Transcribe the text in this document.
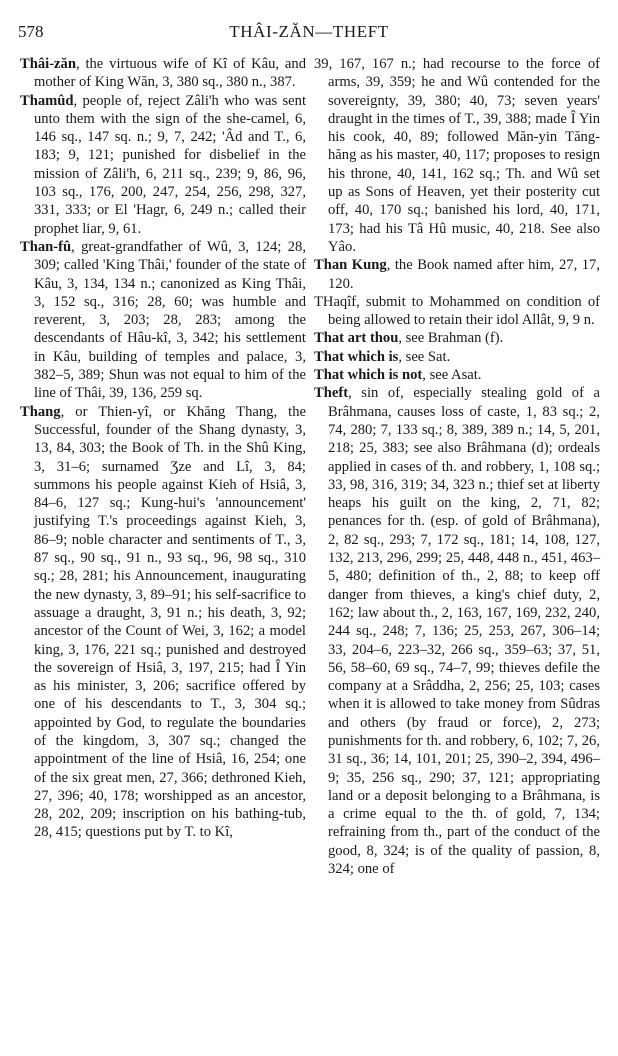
578	THÂI-ZĂN—THEFT

Thâi-zăn, the virtuous wife of Kî of Kâu, and mother of King Wăn, 3, 380 sq., 380 n., 387.

Thamûd, people of, reject Zâli'h who was sent unto them with the sign of the she-camel, 6, 146 sq., 147 sq. n.; 9, 7, 242; 'Âd and T., 6, 183; 9, 121; punished for disbelief in the mission of Zâli'h, 6, 211 sq., 239; 9, 86, 96, 103 sq., 176, 200, 247, 254, 256, 298, 327, 331, 333; or El 'Hagr, 6, 249 n.; called their prophet liar, 9, 61.

Than-fû, great-grandfather of Wû, 3, 124; 28, 309; called 'King Thâi,' founder of the state of Kâu, 3, 134, 134 n.; canonized as King Thâi, 3, 152 sq., 316; 28, 60; was humble and reverent, 3, 203; 28, 283; among the descendants of Hâu-kî, 3, 342; his settlement in Kâu, building of temples and palace, 3, 382–5, 389; Shun was not equal to him of the line of Thâi, 39, 136, 259 sq.

Thang, or Thien-yî, or Khăng Thang, the Successful, founder of the Shang dynasty, 3, 13, 84, 303; the Book of Th. in the Shû King, 3, 31–6; surnamed Ʒze and Lî, 3, 84; summons his people against Kieh of Hsiâ, 3, 84–6, 127 sq.; Kung-hui's 'announcement' justifying T.'s proceedings against Kieh, 3, 86–9; noble character and sentiments of T., 3, 87 sq., 90 sq., 91 n., 93 sq., 96, 98 sq., 310 sq.; 28, 281; his Announcement, inaugurating the new dynasty, 3, 89–91; his self-sacrifice to assuage a draught, 3, 91 n.; his death, 3, 92; ancestor of the Count of Wei, 3, 162; a model king, 3, 176, 221 sq.; punished and destroyed the sovereign of Hsiâ, 3, 197, 215; had Î Yin as his minister, 3, 206; sacrifice offered by one of his descendants to T., 3, 304 sq.; appointed by God, to regulate the boundaries of the kingdom, 3, 307 sq.; changed the appointment of the line of Hsiâ, 16, 254; one of the six great men, 27, 366; dethroned Kieh, 27, 396; 40, 178; worshipped as an ancestor, 28, 202, 209; inscription on his bathing-tub, 28, 415; questions put by T. to Kî,

39, 167, 167 n.; had recourse to the force of arms, 39, 359; he and Wû contended for the sovereignty, 39, 380; 40, 73; seven years' draught in the times of T., 39, 388; made Î Yin his cook, 40, 89; followed Măn-yin Tăng-hăng as his master, 40, 117; proposes to resign his throne, 40, 141, 162 sq.; Th. and Wû set up as Sons of Heaven, yet their posterity cut off, 40, 170 sq.; banished his lord, 40, 171, 173; had his Tâ Hû music, 40, 218. See also Yâo.

Than Kung, the Book named after him, 27, 17, 120.

THaqîf, submit to Mohammed on condition of being allowed to retain their idol Allât, 9, 9 n.

That art thou, see Brahman (f).

That which is, see Sat.

That which is not, see Asat.

Theft, sin of, especially stealing gold of a Brâhmana, causes loss of caste, 1, 83 sq.; 2, 74, 280; 7, 133 sq.; 8, 389, 389 n.; 14, 5, 201, 218; 25, 383; see also Brâhmana (d); ordeals applied in cases of th. and robbery, 1, 108 sq.; 33, 98, 316, 319; 34, 323 n.; thief set at liberty heaps his guilt on the king, 2, 71, 82; penances for th. (esp. of gold of Brâhmana), 2, 82 sq., 293; 7, 172 sq., 181; 14, 108, 127, 132, 213, 296, 299; 25, 448, 448 n., 451, 463–5, 480; definition of th., 2, 88; to keep off danger from thieves, a king's chief duty, 2, 162; law about th., 2, 163, 167, 169, 232, 240, 244 sq., 248; 7, 136; 25, 253, 267, 306–14; 33, 204–6, 223–32, 266 sq., 359–63; 37, 51, 56, 58–60, 69 sq., 74–7, 99; thieves defile the company at a Srâddha, 2, 256; 25, 103; cases when it is allowed to take money from Sûdras and others (by fraud or force), 2, 273; punishments for th. and robbery, 6, 102; 7, 26, 31 sq., 36; 14, 101, 201; 25, 390–2, 394, 496–9; 35, 256 sq., 290; 37, 121; appropriating land or a deposit belonging to a Brâhmana, is a crime equal to the th. of gold, 7, 134; refraining from th., part of the conduct of the good, 8, 324; is of the quality of passion, 8, 324; one of
